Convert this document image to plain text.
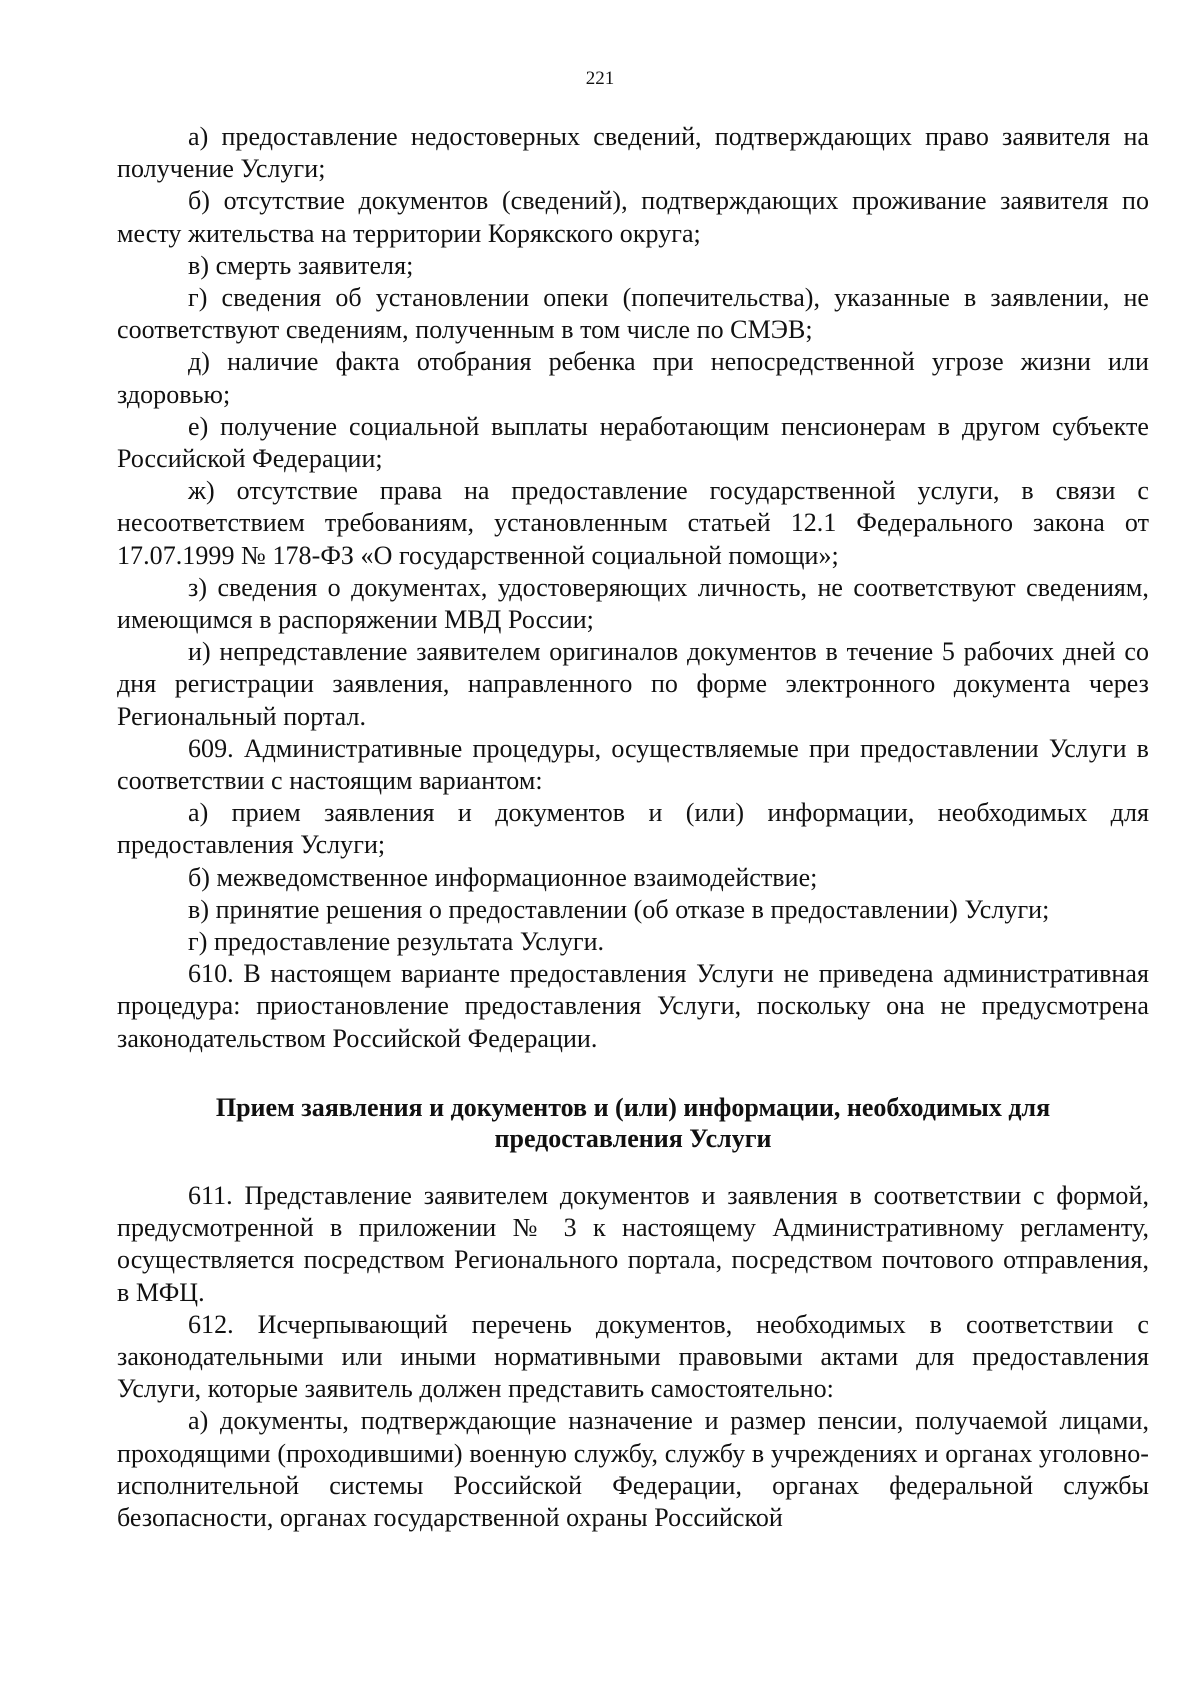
221

а) предоставление недостоверных сведений, подтверждающих право заявителя на получение Услуги;

б) отсутствие документов (сведений), подтверждающих проживание заявителя по месту жительства на территории Корякского округа;

в) смерть заявителя;

г) сведения об установлении опеки (попечительства), указанные в заявлении, не соответствуют сведениям, полученным в том числе по СМЭВ;

д) наличие факта отобрания ребенка при непосредственной угрозе жизни или здоровью;

е) получение социальной выплаты неработающим пенсионерам в другом субъекте Российской Федерации;

ж) отсутствие права на предоставление государственной услуги, в связи с несоответствием требованиям, установленным статьей 12.1 Федерального закона от 17.07.1999 № 178-ФЗ «О государственной социальной помощи»;

з) сведения о документах, удостоверяющих личность, не соответствуют сведениям, имеющимся в распоряжении МВД России;

и) непредставление заявителем оригиналов документов в течение 5 рабочих дней со дня регистрации заявления, направленного по форме электронного документа через Региональный портал.

609. Административные процедуры, осуществляемые при предоставлении Услуги в соответствии с настоящим вариантом:

а) прием заявления и документов и (или) информации, необходимых для предоставления Услуги;

б) межведомственное информационное взаимодействие;

в) принятие решения о предоставлении (об отказе в предоставлении) Услуги;

г) предоставление результата Услуги.

610. В настоящем варианте предоставления Услуги не приведена административная процедура: приостановление предоставления Услуги, поскольку она не предусмотрена законодательством Российской Федерации.

Прием заявления и документов и (или) информации, необходимых для
предоставления Услуги

611. Представление заявителем документов и заявления в соответствии с формой, предусмотренной в приложении № 3 к настоящему Административному регламенту, осуществляется посредством Регионального портала, посредством почтового отправления, в МФЦ.

612. Исчерпывающий перечень документов, необходимых в соответствии с законодательными или иными нормативными правовыми актами для предоставления Услуги, которые заявитель должен представить самостоятельно:

а) документы, подтверждающие назначение и размер пенсии, получаемой лицами, проходящими (проходившими) военную службу, службу в учреждениях и органах уголовно-исполнительной системы Российской Федерации, органах федеральной службы безопасности, органах государственной охраны Российской
